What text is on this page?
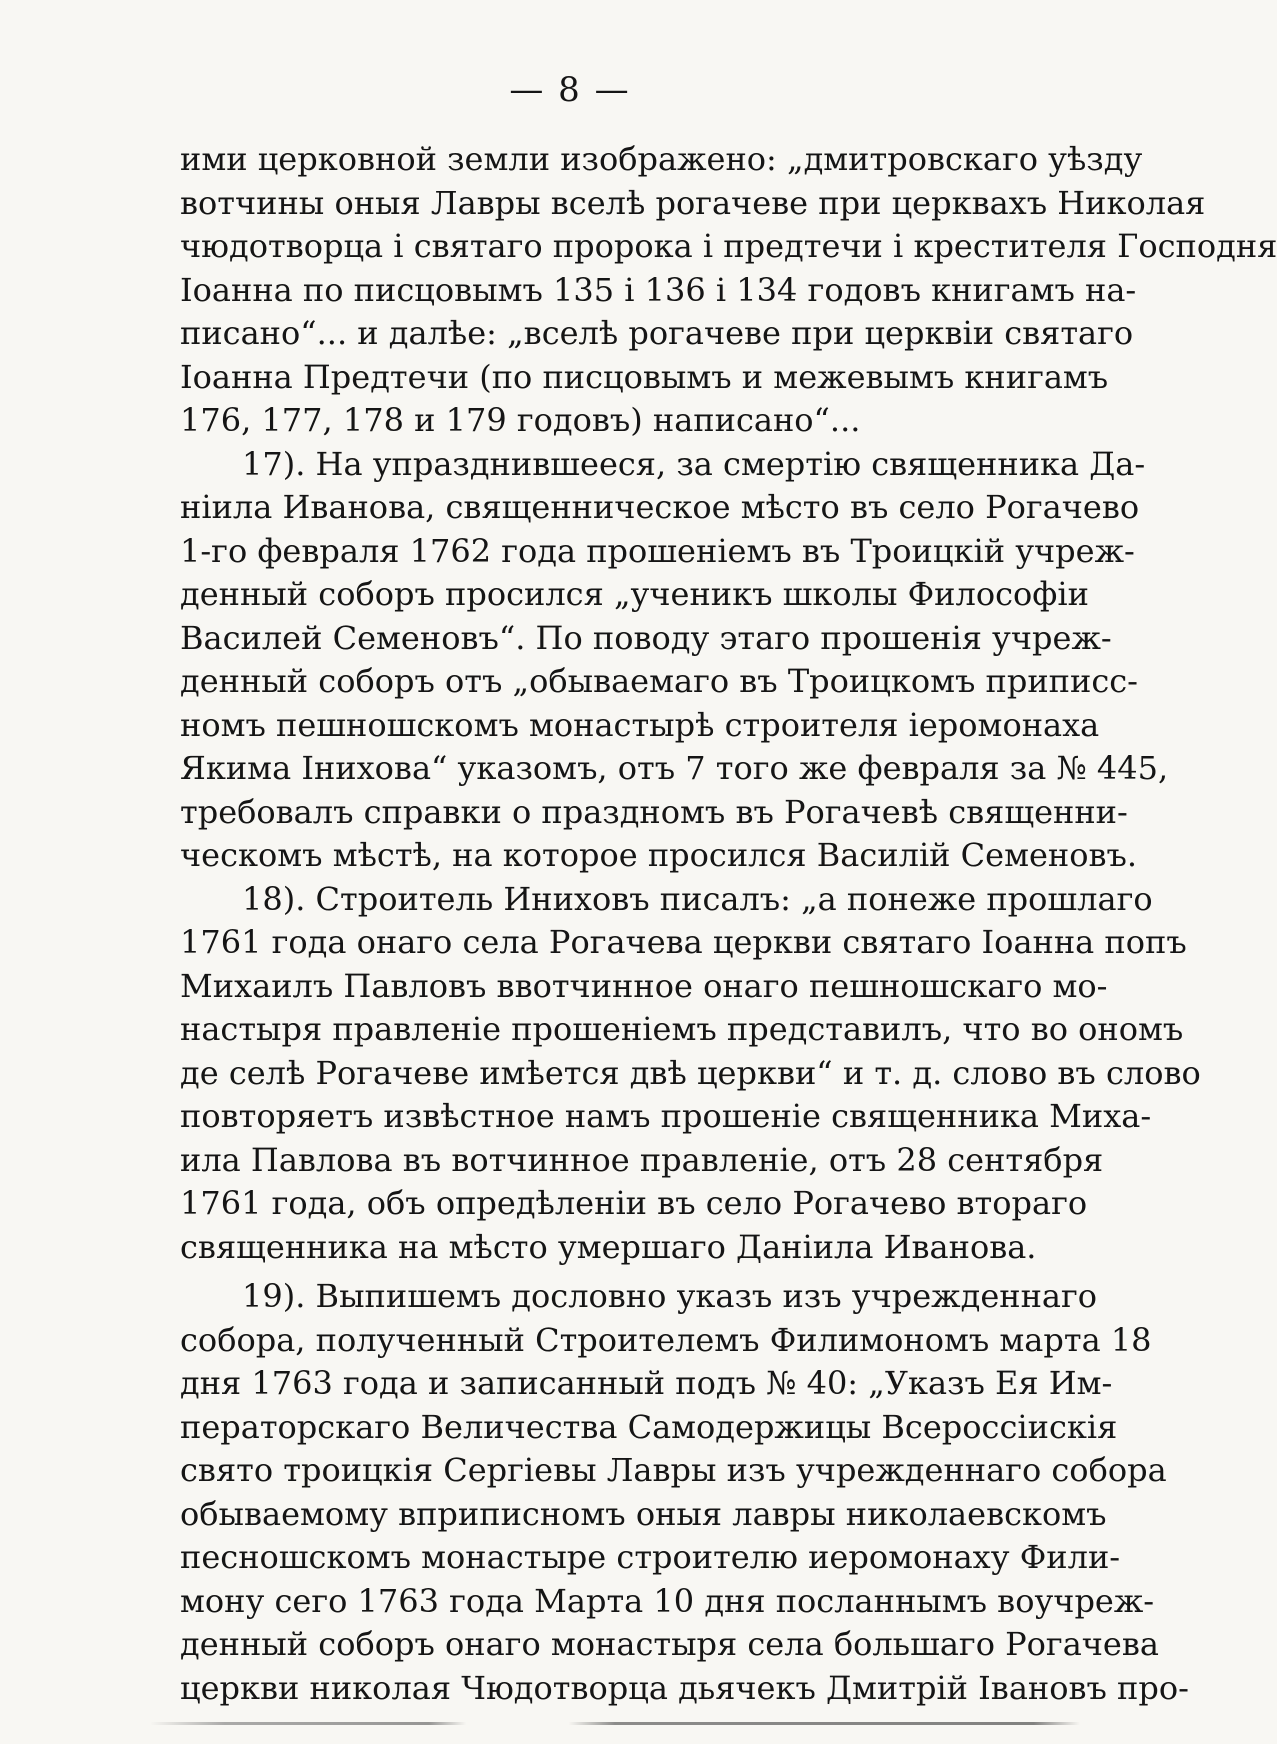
— 8 —
ими церковной земли изображено: „дмитровскаго уѣзду
вотчины оныя Лавры вселѣ рогачеве при церквахъ Николая
чюдотворца і святаго пророка і предтечи і крестителя Господня
Іоанна по писцовымъ 135 і 136 і 134 годовъ книгамъ на-
писано“... и далѣе: „вселѣ рогачеве при церквіи святаго
Іоанна Предтечи (по писцовымъ и межевымъ книгамъ
176, 177, 178 и 179 годовъ) написано“...
17). На упразднившееся, за смертію священника Да-
ніила Иванова, священническое мѣсто въ село Рогачево
1-го февраля 1762 года прошеніемъ въ Троицкій учреж-
денный соборъ просился „ученикъ школы Философіи
Василей Семеновъ“. По поводу этаго прошенія учреж-
денный соборъ отъ „обываемаго въ Троицкомъ приписс-
номъ пешношскомъ монастырѣ строителя іеромонаха
Якима Інихова“ указомъ, отъ 7 того же февраля за № 445,
требовалъ справки о праздномъ въ Рогачевѣ священни-
ческомъ мѣстѣ, на которое просился Василій Семеновъ.
18). Строитель Иниховъ писалъ: „а понеже прошлаго
1761 года онаго села Рогачева церкви святаго Іоанна попъ
Михаилъ Павловъ ввотчинное онаго пешношскаго мо-
настыря правленіе прошеніемъ представилъ, что во ономъ
де селѣ Рогачеве имѣется двѣ церкви“ и т. д. слово въ слово
повторяетъ извѣстное намъ прошеніе священника Миха-
ила Павлова въ вотчинное правленіе, отъ 28 сентября
1761 года, объ опредѣленіи въ село Рогачево втораго
священника на мѣсто умершаго Даніила Иванова.
19). Выпишемъ дословно указъ изъ учрежденнаго
собора, полученный Строителемъ Филимономъ марта 18
дня 1763 года и записанный подъ № 40: „Указъ Ея Им-
ператорскаго Величества Самодержицы Всероссіискія
свято троицкія Сергіевы Лавры изъ учрежденнаго собора
обываемому вприписномъ оныя лавры николаевскомъ
песношскомъ монастыре строителю иеромонаху Фили-
мону сего 1763 года Марта 10 дня посланнымъ воучреж-
денный соборъ онаго монастыря села большаго Рогачева
церкви николая Чюдотворца дьячекъ Дмитрій Івановъ про-
